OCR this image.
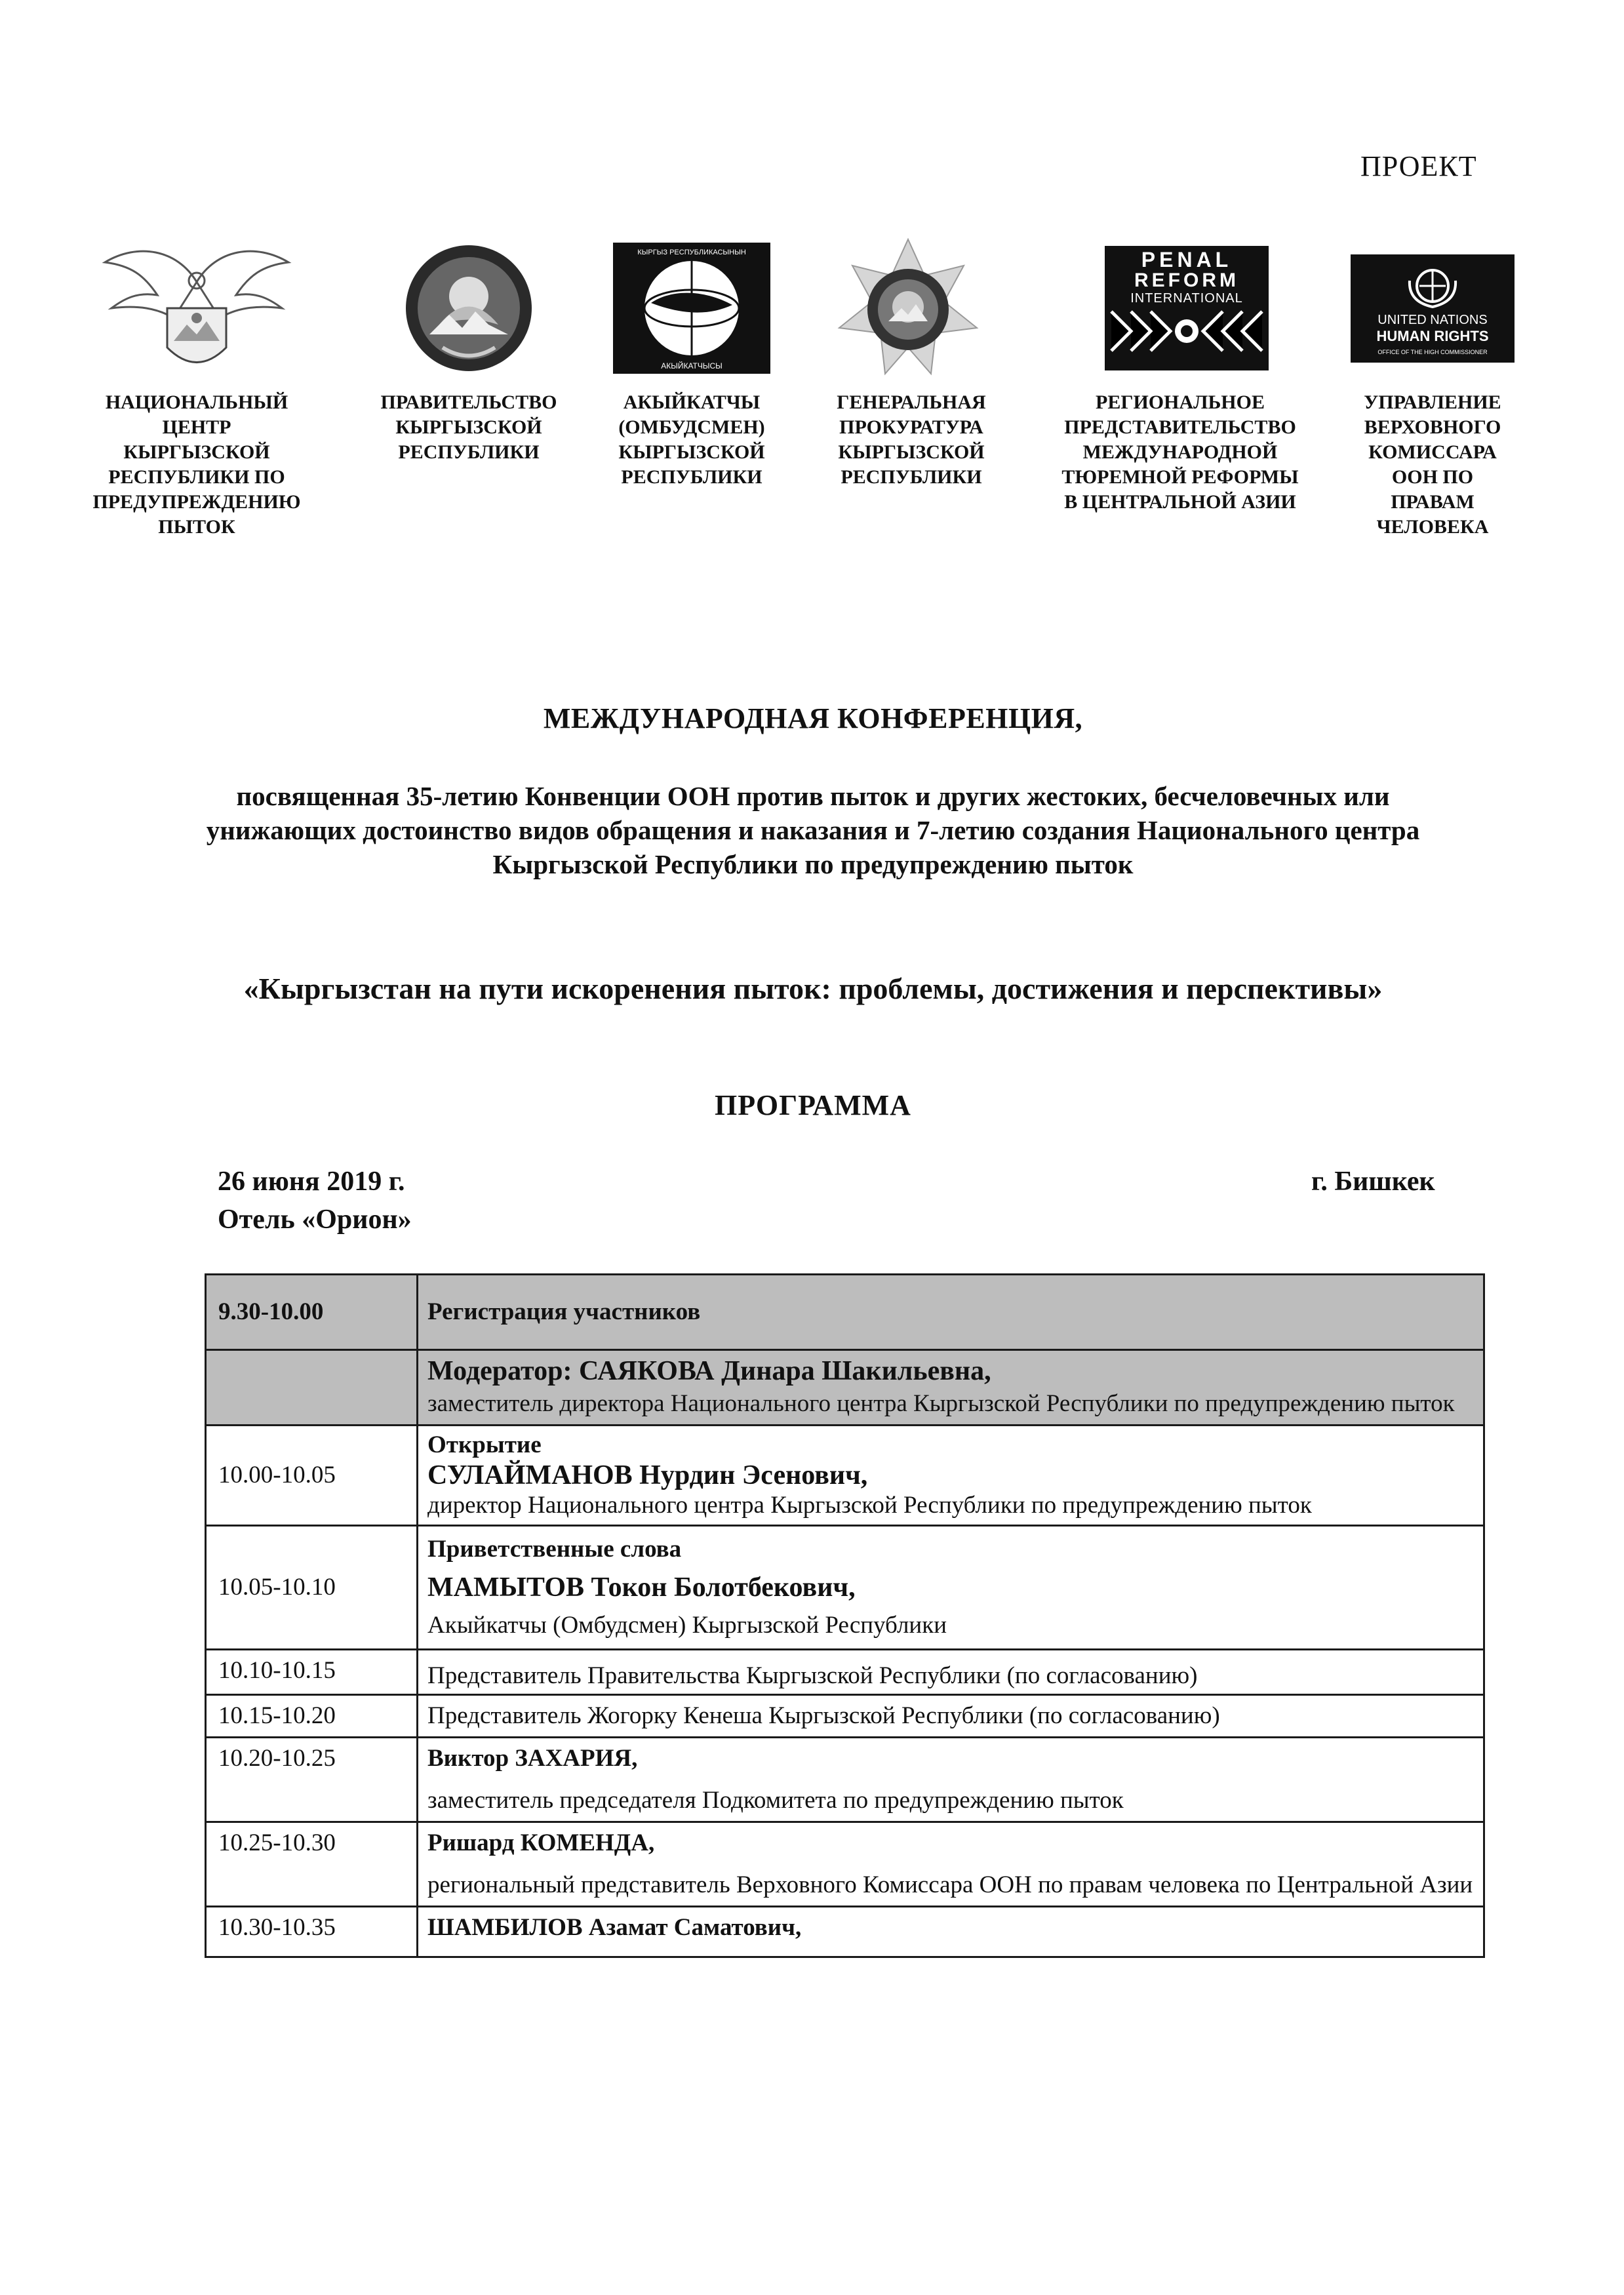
ПРОЕКТ
КЫРГЫЗ РЕСПУБЛИКАСЫНЫН
АКЫЙКАТЧЫСЫ
PENAL
REFORM
INTERNATIONAL
UNITED NATIONS
HUMAN RIGHTS
OFFICE OF THE HIGH COMMISSIONER
НАЦИОНАЛЬНЫЙ
ЦЕНТР
КЫРГЫЗСКОЙ
РЕСПУБЛИКИ ПО
ПРЕДУПРЕЖДЕНИЮ
ПЫТОК
ПРАВИТЕЛЬСТВО
КЫРГЫЗСКОЙ
РЕСПУБЛИКИ
АКЫЙКАТЧЫ
(ОМБУДСМЕН)
КЫРГЫЗСКОЙ
РЕСПУБЛИКИ
ГЕНЕРАЛЬНАЯ
ПРОКУРАТУРА
КЫРГЫЗСКОЙ
РЕСПУБЛИКИ
РЕГИОНАЛЬНОЕ
ПРЕДСТАВИТЕЛЬСТВО
МЕЖДУНАРОДНОЙ
ТЮРЕМНОЙ РЕФОРМЫ
В ЦЕНТРАЛЬНОЙ АЗИИ
УПРАВЛЕНИЕ
ВЕРХОВНОГО
КОМИССАРА
ООН ПО
ПРАВАМ
ЧЕЛОВЕКА
МЕЖДУНАРОДНАЯ КОНФЕРЕНЦИЯ,
посвященная 35-летию Конвенции ООН против пыток и других жестоких, бесчеловечных или унижающих достоинство видов обращения и наказания и 7-летию создания Национального центра Кыргызской Республики по предупреждению пыток
«Кыргызстан на пути искоренения пыток: проблемы, достижения и перспективы»
ПРОГРАММА
26 июня 2019 г.
Отель «Орион»
г. Бишкек
9.30-10.00	Регистрация участников

	Модератор: САЯКОВА Динара Шакильевна,
заместитель директора Национального центра Кыргызской Республики по предупреждению пыток

10.00-10.05	Открытие
СУЛАЙМАНОВ Нурдин Эсенович,
директор Национального центра Кыргызской Республики по предупреждению пыток

10.05-10.10	Приветственные слова
МАМЫТОВ Токон Болотбекович,
Акыйкатчы (Омбудсмен) Кыргызской Республики

10.10-10.15	Представитель Правительства Кыргызской Республики (по согласованию)
10.15-10.20	Представитель Жогорку Кенеша Кыргызской Республики (по согласованию)
10.20-10.25	Виктор ЗАХАРИЯ,
заместитель председателя Подкомитета по предупреждению пыток

10.25-10.30	Ришард КОМЕНДА,
региональный представитель Верховного Комиссара ООН по правам человека по Центральной Азии

10.30-10.35	ШАМБИЛОВ Азамат Саматович,
